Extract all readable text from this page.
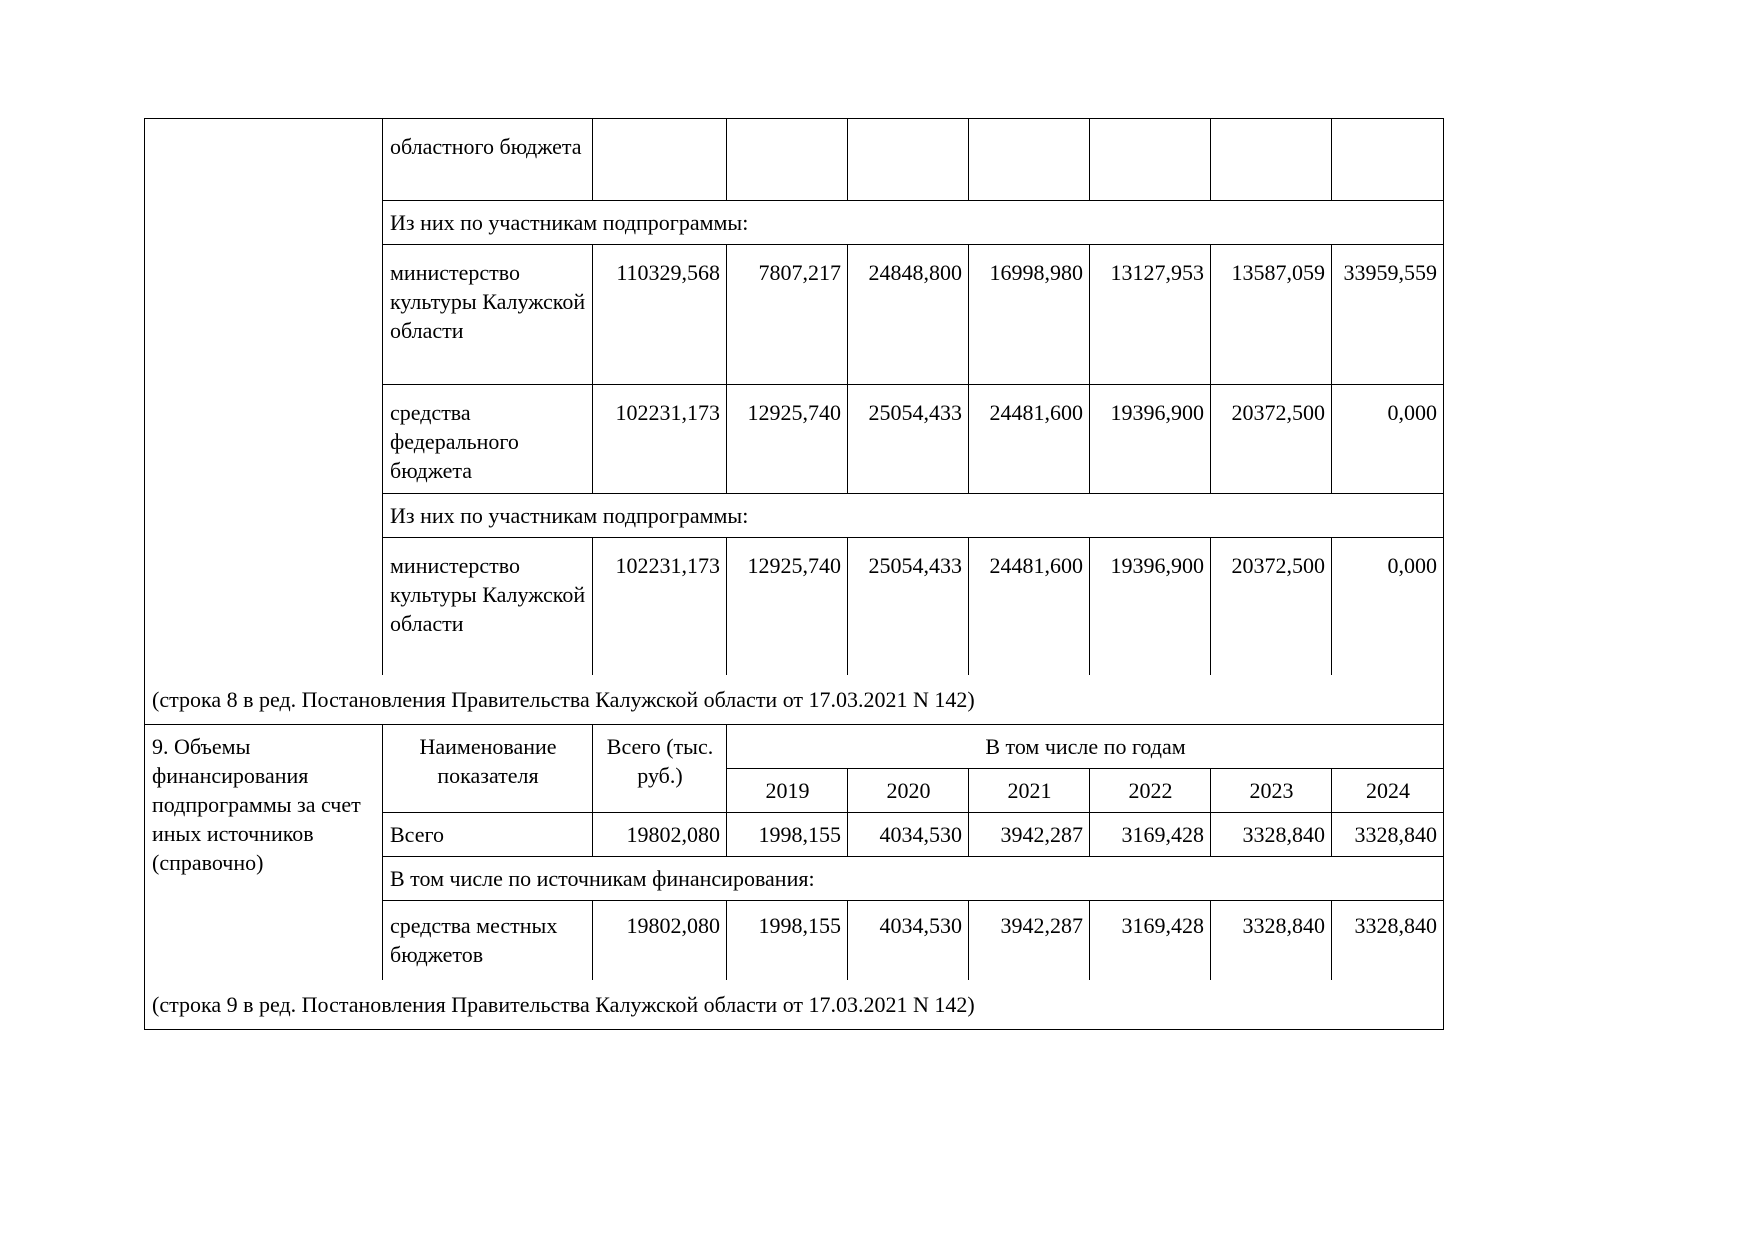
	областного бюджета							
	Из них по участникам подпрограммы:							
	министерство культуры Калужской области	110329,568	7807,217	24848,800	16998,980	13127,953	13587,059	33959,559
	средства федерального бюджета	102231,173	12925,740	25054,433	24481,600	19396,900	20372,500	0,000
	Из них по участникам подпрограммы:							
	министерство культуры Калужской области	102231,173	12925,740	25054,433	24481,600	19396,900	20372,500	0,000
(строка 8 в ред. Постановления Правительства Калужской области от 17.03.2021 N 142)								
9. Объемы финансирования подпрограммы за счет иных источников (справочно)	Наименование показателя	Всего (тыс. руб.)	В том числе по годам					
			2019	2020	2021	2022	2023	2024
	Всего	19802,080	1998,155	4034,530	3942,287	3169,428	3328,840	3328,840
	В том числе по источникам финансирования:							
	средства местных бюджетов	19802,080	1998,155	4034,530	3942,287	3169,428	3328,840	3328,840

(строка 9 в ред. Постановления Правительства Калужской области от 17.03.2021 N 142)								
